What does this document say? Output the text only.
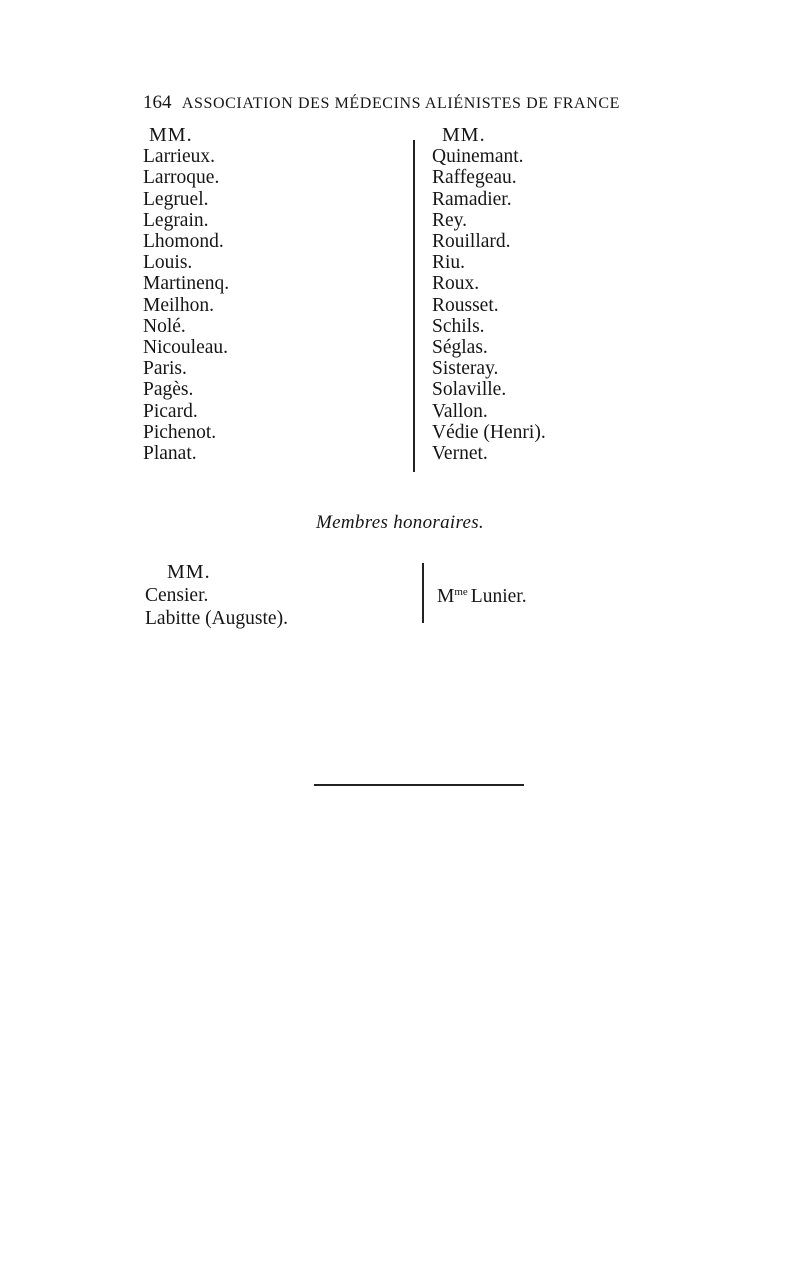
164 ASSOCIATION DES MÉDECINS ALIÉNISTES DE FRANCE
MM.
Larrieux.
Larroque.
Legruel.
Legrain.
Lhomond.
Louis.
Martinenq.
Meilhon.
Nolé.
Nicouleau.
Paris.
Pagès.
Picard.
Pichenot.
Planat.
MM.
Quinemant.
Raffegeau.
Ramadier.
Rey.
Rouillard.
Riu.
Roux.
Rousset.
Schils.
Séglas.
Sisteray.
Solaville.
Vallon.
Védie (Henri).
Vernet.
Membres honoraires.
MM.
Censier.
Labitte (Auguste).
$M^{me}$ Lunier.
